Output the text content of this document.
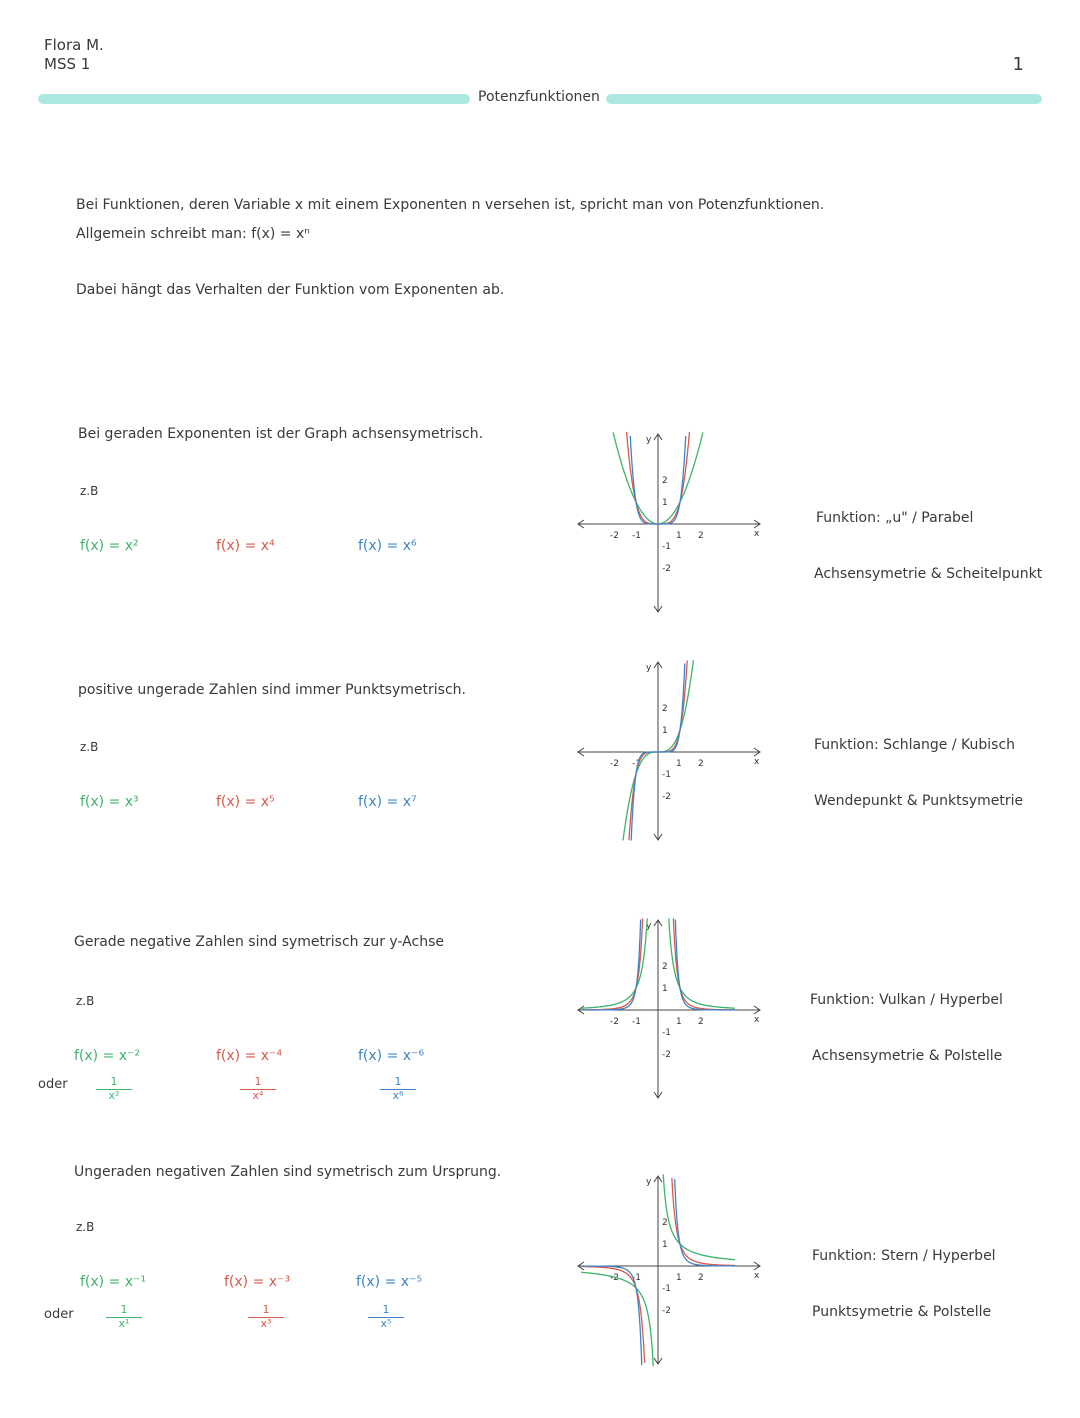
Flora M.
MSS 1	1
Potenzfunktionen
Bei Funktionen, deren Variable x mit einem Exponenten n versehen ist, spricht man von Potenzfunktionen.
Allgemein schreibt man: f(x) = xⁿ
Dabei hängt das Verhalten der Funktion vom Exponenten ab.
Bei geraden Exponenten ist der Graph achsensymetrisch.
z.B
f(x) = x²	f(x) = x⁴	f(x) = x⁶
Funktion: „u" / Parabel
Achsensymetrie & Scheitelpunkt
positive ungerade Zahlen sind immer Punktsymetrisch.
z.B
f(x) = x³	f(x) = x⁵	f(x) = x⁷
Funktion: Schlange / Kubisch
Wendepunkt & Punktsymetrie
Gerade negative Zahlen sind symetrisch zur y-Achse
z.B
f(x) = x⁻²	f(x) = x⁻⁴	f(x) = x⁻⁶
oder	$\frac{1}{\text{x²}}$	$\frac{1}{\text{x⁴}}$	$\frac{1}{\text{x⁶}}$
Funktion: Vulkan / Hyperbel
Achsensymetrie & Polstelle
Ungeraden negativen Zahlen sind symetrisch zum Ursprung.
z.B
f(x) = x⁻¹	f(x) = x⁻³	f(x) = x⁻⁵
oder	$\frac{1}{\text{x¹}}$	$\frac{1}{\text{x³}}$	$\frac{1}{\text{x⁵}}$
Funktion: Stern / Hyperbel
Punktsymetrie & Polstelle
x
y
-2
-2
-1
-1
1
1
2
2
x
y
-2
-2
-1
-1
1
1
2
2
x
y
-2
-2
-1
-1
1
1
2
2
x
y
-2
-2
-1
-1
1
1
2
2
